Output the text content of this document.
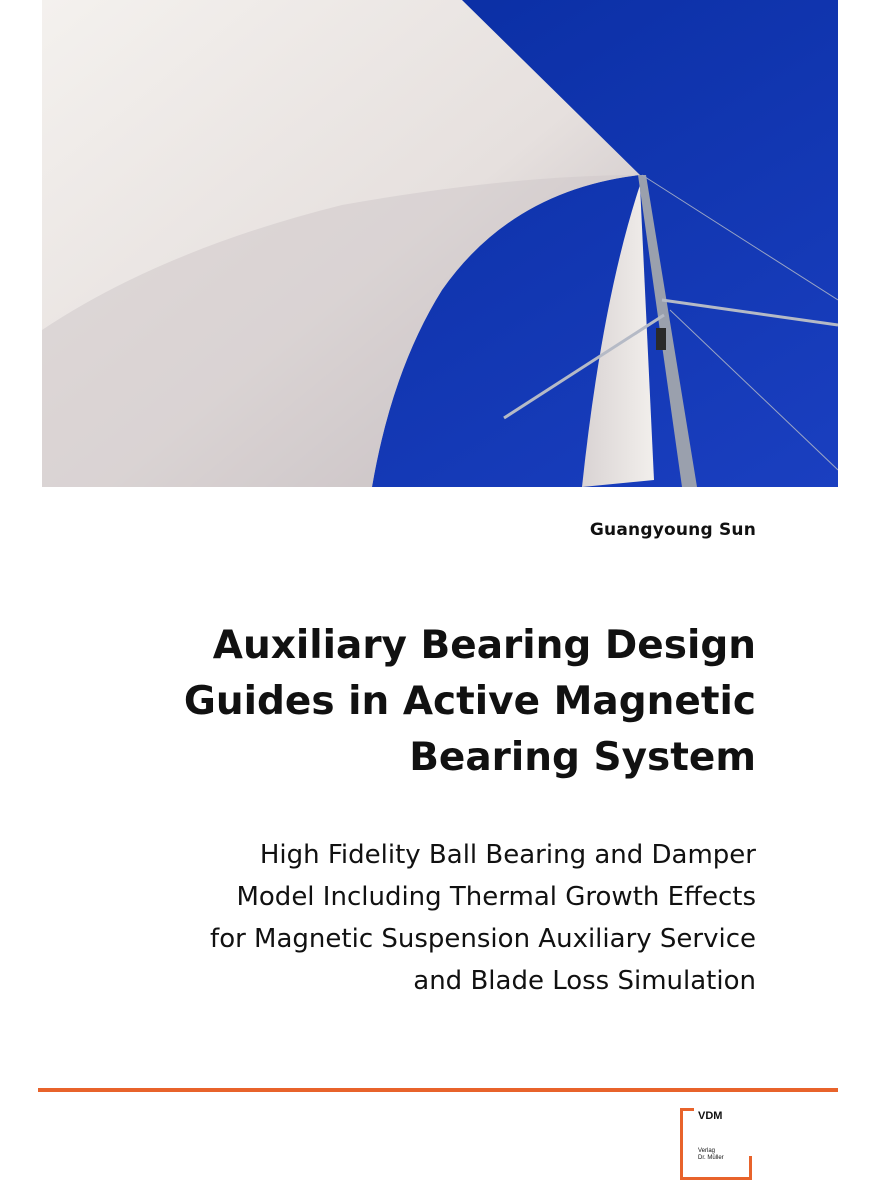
Guangyoung Sun
Auxiliary Bearing Design
Guides in Active Magnetic
Bearing System
High Fidelity Ball Bearing and Damper
Model Including Thermal Growth Effects
for Magnetic Suspension Auxiliary Service
and Blade Loss Simulation
VDM
Verlag
Dr. Müller
